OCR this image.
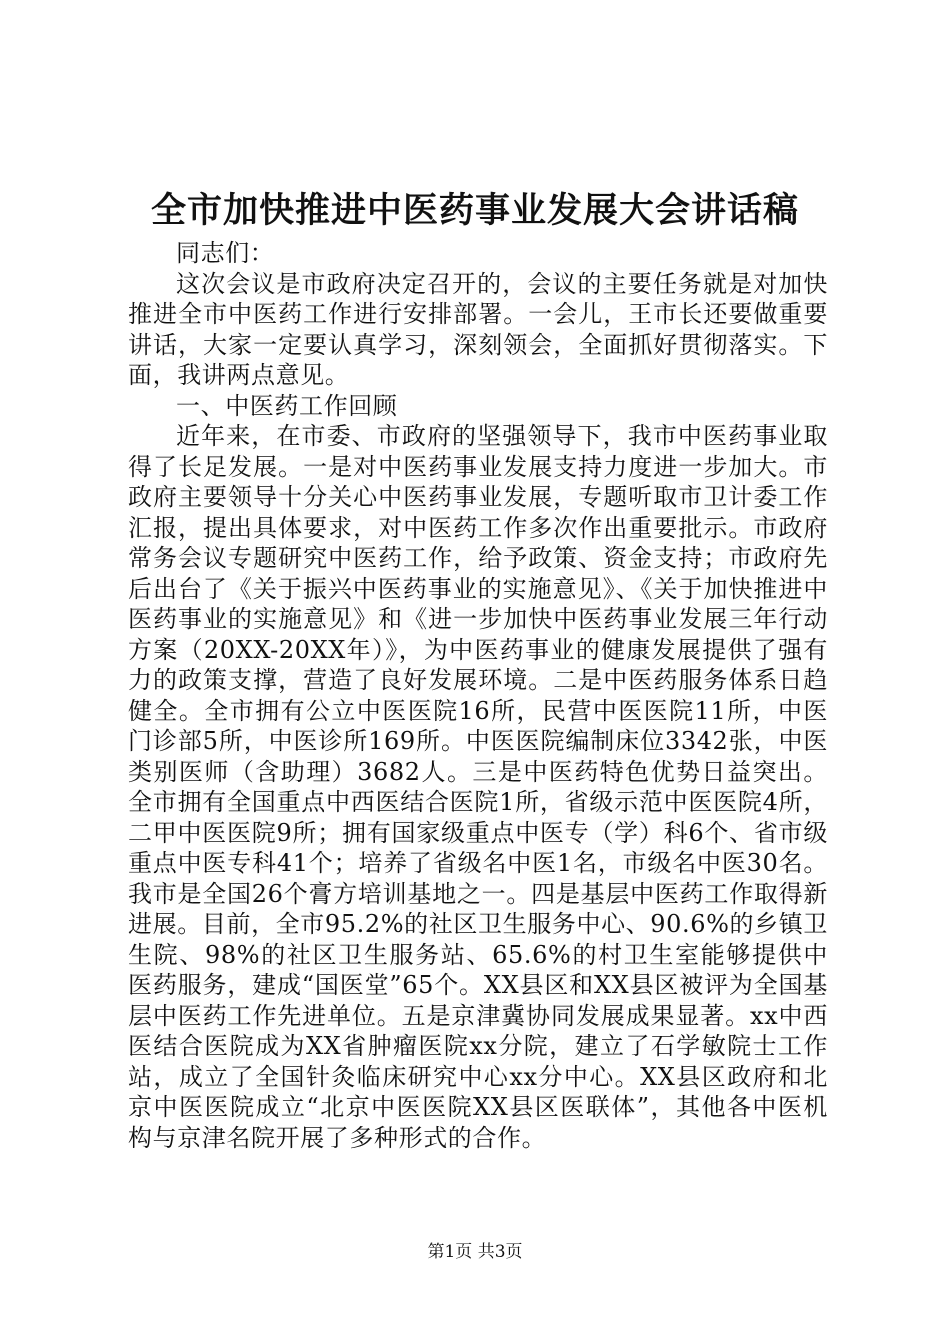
全市加快推进中医药事业发展大会讲话稿

同志们：

这次会议是市政府决定召开的，会议的主要任务就是对加快推进全市中医药工作进行安排部署。一会儿，王市长还要做重要讲话，大家一定要认真学习，深刻领会，全面抓好贯彻落实。下面，我讲两点意见。

一、中医药工作回顾

近年来，在市委、市政府的坚强领导下，我市中医药事业取得了长足发展。一是对中医药事业发展支持力度进一步加大。市政府主要领导十分关心中医药事业发展，专题听取市卫计委工作汇报，提出具体要求，对中医药工作多次作出重要批示。市政府常务会议专题研究中医药工作，给予政策、资金支持；市政府先后出台了《关于振兴中医药事业的实施意见》、《关于加快推进中医药事业的实施意见》和《进一步加快中医药事业发展三年行动方案（20XX-20XX年）》，为中医药事业的健康发展提供了强有力的政策支撑，营造了良好发展环境。二是中医药服务体系日趋健全。全市拥有公立中医医院16所，民营中医医院11所，中医门诊部5所，中医诊所169所。中医医院编制床位3342张，中医类别医师（含助理）3682人。三是中医药特色优势日益突出。全市拥有全国重点中西医结合医院1所，省级示范中医医院4所，二甲中医医院9所；拥有国家级重点中医专（学）科6个、省市级重点中医专科41个；培养了省级名中医1名，市级名中医30名。我市是全国26个膏方培训基地之一。四是基层中医药工作取得新进展。目前，全市95.2%的社区卫生服务中心、90.6%的乡镇卫生院、98%的社区卫生服务站、65.6%的村卫生室能够提供中医药服务，建成“国医堂”65个。XX县区和XX县区被评为全国基层中医药工作先进单位。五是京津冀协同发展成果显著。xx中西医结合医院成为XX省肿瘤医院xx分院，建立了石学敏院士工作站，成立了全国针灸临床研究中心xx分中心。XX县区政府和北京中医医院成立“北京中医医院XX县区医联体”，其他各中医机构与京津名院开展了多种形式的合作。

第1页 共3页
